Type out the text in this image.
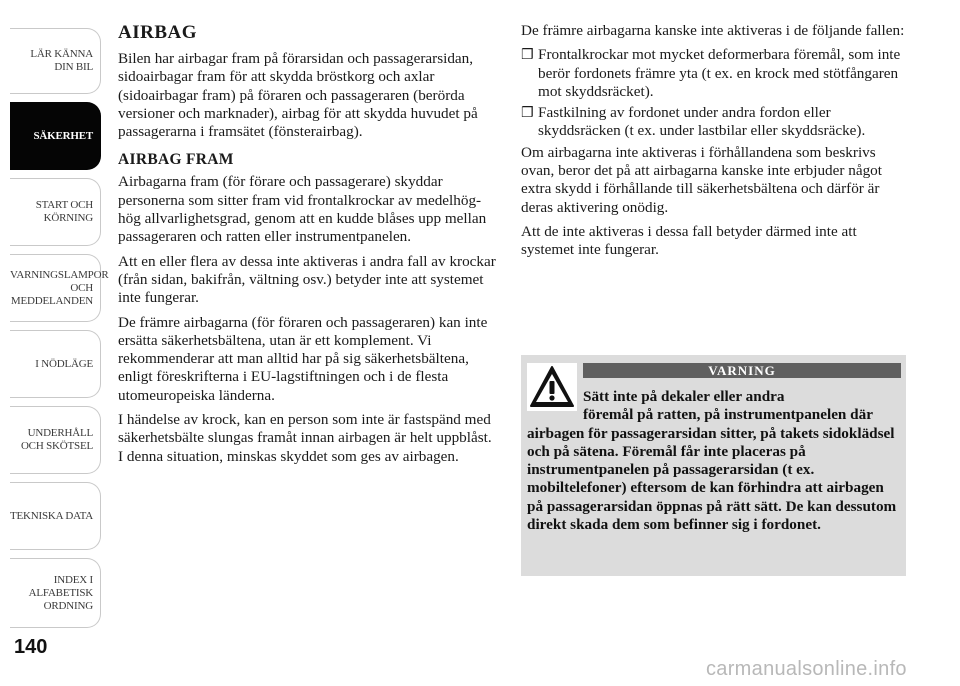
LÄR KÄNNA DIN BIL
SÄKERHET
START OCH KÖRNING
VARNINGSLAMPOR OCH MEDDELANDEN
I NÖDLÄGE
UNDERHÅLL OCH SKÖTSEL
TEKNISKA DATA
INDEX I ALFABETISK ORDNING
140
AIRBAG

Bilen har airbagar fram på förarsidan och passagerarsidan, sidoairbagar fram för att skydda bröstkorg och axlar (sidoairbagar fram) på föraren och passageraren (berörda versioner och marknader), airbag för att skydda huvudet på passagerarna i framsätet (fönsterairbag).

AIRBAG FRAM

Airbagarna fram (för förare och passagerare) skyddar personerna som sitter fram vid frontalkrockar av medelhög-hög allvarlighetsgrad, genom att en kudde blåses upp mellan passageraren och ratten eller instrumentpanelen.

Att en eller flera av dessa inte aktiveras i andra fall av krockar (från sidan, bakifrån, vältning osv.) betyder inte att systemet inte fungerar.

De främre airbagarna (för föraren och passageraren) kan inte ersätta säkerhetsbältena, utan är ett komplement. Vi rekommenderar att man alltid har på sig säkerhetsbältena, enligt föreskrifterna i EU-lagstiftningen och i de flesta utomeuropeiska länderna.

I händelse av krock, kan en person som inte är fastspänd med säkerhetsbälte slungas framåt innan airbagen är helt uppblåst. I denna situation, minskas skyddet som ges av airbagen.

De främre airbagarna kanske inte aktiveras i de följande fallen:

❒ Frontalkrockar mot mycket deformerbara föremål, som inte berör fordonets främre yta (t ex. en krock med stötfångaren mot skyddsräcket).
❒ Fastkilning av fordonet under andra fordon eller skyddsräcken (t ex. under lastbilar eller skyddsräcke).

Om airbagarna inte aktiveras i förhållandena som beskrivs ovan, beror det på att airbagarna kanske inte erbjuder något extra skydd i förhållande till säkerhetsbältena och därför är deras aktivering onödig.

Att de inte aktiveras i dessa fall betyder därmed inte att systemet inte fungerar.

VARNING
Sätt inte på dekaler eller andra
föremål på ratten, på instrumentpanelen där airbagen för passagerarsidan sitter, på takets sidoklädsel och på sätena. Föremål får inte placeras på instrumentpanelen på passagerarsidan (t ex. mobiltelefoner) eftersom de kan förhindra att airbagen på passagerarsidan öppnas på rätt sätt. De kan dessutom direkt skada dem som befinner sig i fordonet.
carmanualsonline.info
